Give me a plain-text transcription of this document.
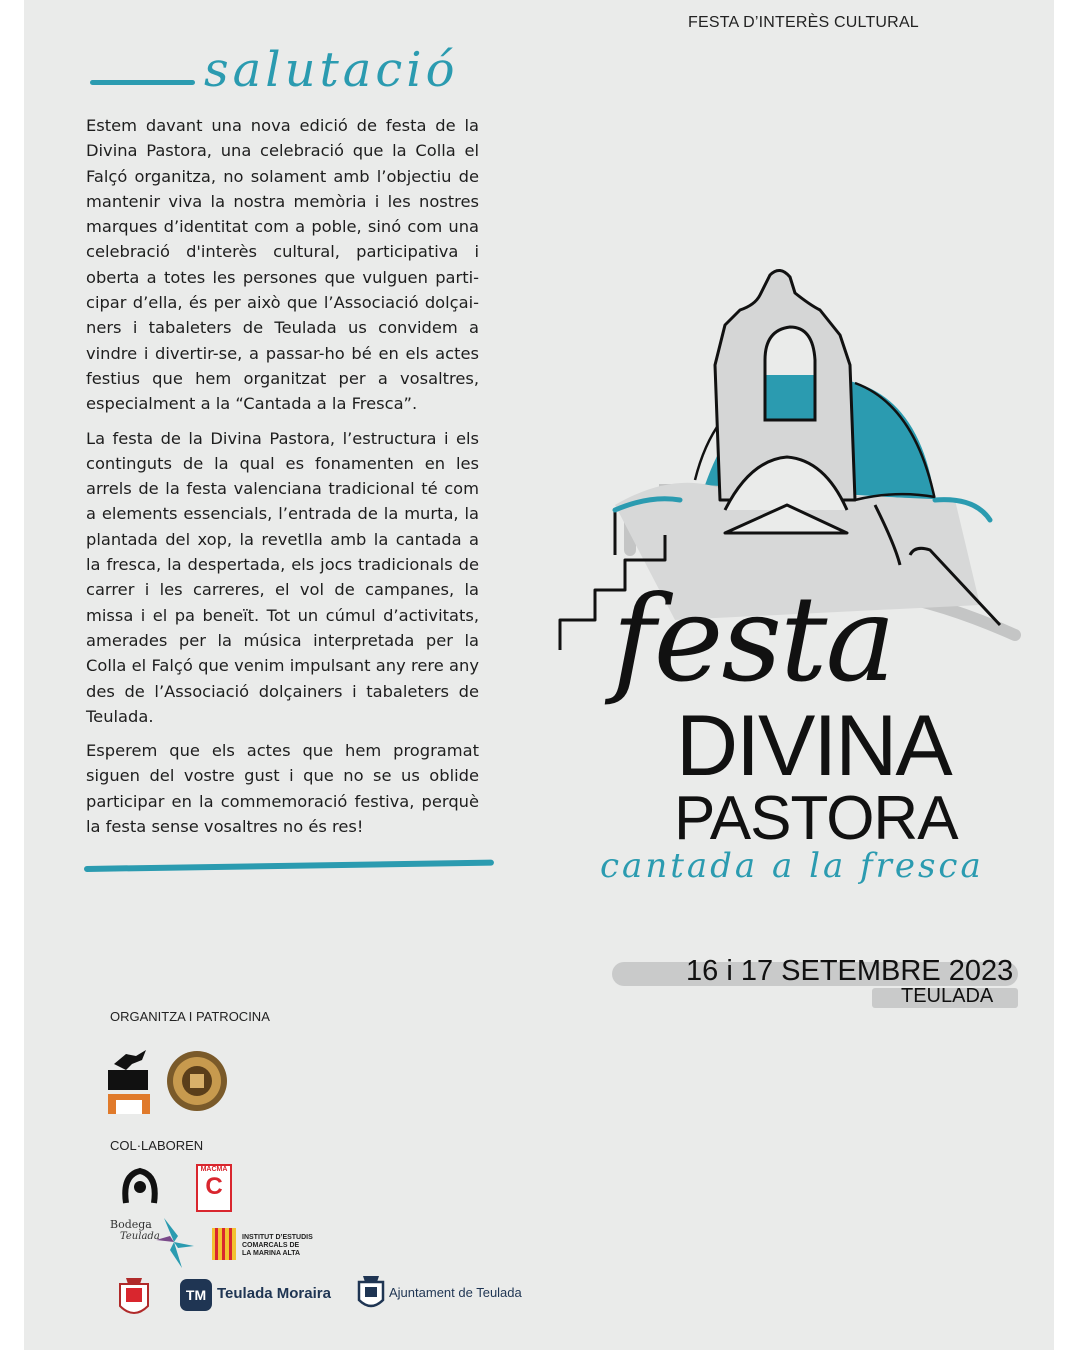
FESTA D’INTERÈS CULTURAL
salutació

Estem davant una nova edició de festa de la Divina Pastora, una celebració que la Colla el Falçó organitza, no solament amb l’objectiu de mantenir viva la nostra memòria i les nostres marques d’identitat com a poble, sinó com una celebració d'interès cultural, participativa i oberta a totes les persones que vulguen parti-cipar d’ella, és per això que l’Associació dolçai-ners i tabaleters de Teulada us convidem a vindre i divertir-se, a passar-ho bé en els actes festius que hem organitzat per a vosaltres, especialment a la “Cantada a la Fresca”.

La festa de la Divina Pastora, l’estructura i els continguts de la qual es fonamenten en les arrels de la festa valenciana tradicional té com a elements essencials, l’entrada de la murta, la plantada del xop, la revetlla amb la cantada a la fresca, la despertada, els jocs tradicionals de carrer i les carreres, el vol de campanes, la missa i el pa beneït. Tot un cúmul d’activitats, amerades per la música interpretada per la Colla el Falçó que venim impulsant any rere any des de l’Associació dolçainers i tabaleters de Teulada.

Esperem que els actes que hem programat siguen del vostre gust i que no se us oblide participar en la commemoració festiva, perquè la festa sense vosaltres no és res!

festa
DIVINA
PASTORA
cantada a la fresca
16 i 17 SETEMBRE 2023
TEULADA
ORGANITZA I PATROCINA
COL·LABOREN
MACMA
C
Bodega
Teulada	INSTITUT D’ESTUDIS
COMARCALS DE
LA MARINA ALTA
TM Teulada Moraira	Ajuntament de Teulada
